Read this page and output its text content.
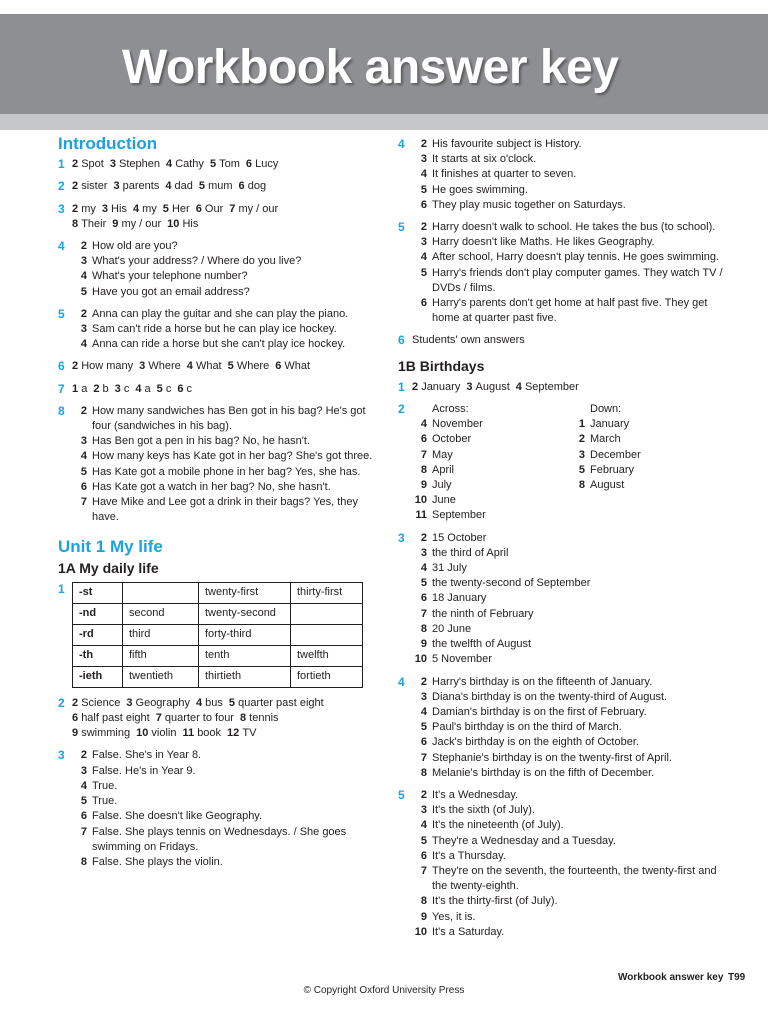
Workbook answer key
Introduction
1 2 Spot 3 Stephen 4 Cathy 5 Tom 6 Lucy
2 2 sister 3 parents 4 dad 5 mum 6 dog
3 2 my 3 His 4 my 5 Her 6 Our 7 my / our
8 Their 9 my / our 10 His
4	2 How old are you?
3 What's your address? / Where do you live?
4 What's your telephone number?
5 Have you got an email address?
5	2 Anna can play the guitar and she can play the piano.
3 Sam can't ride a horse but he can play ice hockey.
4 Anna can ride a horse but she can't play ice hockey.
6 2 How many 3 Where 4 What 5 Where 6 What
7 1 a 2 b 3 c 4 a 5 c 6 c
8	2 How many sandwiches has Ben got in his bag? He's got four (sandwiches in his bag).
3 Has Ben got a pen in his bag? No, he hasn't.
4 How many keys has Kate got in her bag? She's got three.
5 Has Kate got a mobile phone in her bag? Yes, she has.
6 Has Kate got a watch in her bag? No, she hasn't.
7 Have Mike and Lee got a drink in their bags? Yes, they have.
Unit 1 My life
1A My daily life
1 -st		twenty-first	thirty-first
-nd	second	twenty-second	
-rd	third	forty-third	
-th	fifth	tenth	twelfth
-ieth	twentieth	thirtieth	fortieth
2 2 Science 3 Geography 4 bus 5 quarter past eight
6 half past eight 7 quarter to four 8 tennis
9 swimming 10 violin 11 book 12 TV
3	2 False. She's in Year 8.
3 False. He's in Year 9.
4 True.
5 True.
6 False. She doesn't like Geography.
7 False. She plays tennis on Wednesdays. / She goes swimming on Fridays.
8 False. She plays the violin.
4	2 His favourite subject is History.
3 It starts at six o'clock.
4 It finishes at quarter to seven.
5 He goes swimming.
6 They play music together on Saturdays.
5	2 Harry doesn't walk to school. He takes the bus (to school).
3 Harry doesn't like Maths. He likes Geography.
4 After school, Harry doesn't play tennis. He goes swimming.
5 Harry's friends don't play computer games. They watch TV / DVDs / films.
6 Harry's parents don't get home at half past five. They get home at quarter past five.
6 Students' own answers
1B Birthdays
1 2 January 3 August 4 September
2 Across:
4 November
6 October
7 May
8 April
9 July
10 June
11 September
Down:
1 January
2 March
3 December
5 February
8 August
3	2 15 October
3 the third of April
4 31 July
5 the twenty-second of September
6 18 January
7 the ninth of February
8 20 June
9 the twelfth of August
10 5 November
4	2 Harry's birthday is on the fifteenth of January.
3 Diana's birthday is on the twenty-third of August.
4 Damian's birthday is on the first of February.
5 Paul's birthday is on the third of March.
6 Jack's birthday is on the eighth of October.
7 Stephanie's birthday is on the twenty-first of April.
8 Melanie's birthday is on the fifth of December.
5	2 It's a Wednesday.
3 It's the sixth (of July).
4 It's the nineteenth (of July).
5 They're a Wednesday and a Tuesday.
6 It's a Thursday.
7 They're on the seventh, the fourteenth, the twenty-first and the twenty-eighth.
8 It's the thirty-first (of July).
9 Yes, it is.
10 It's a Saturday.
Workbook answer key T99
© Copyright Oxford University Press
